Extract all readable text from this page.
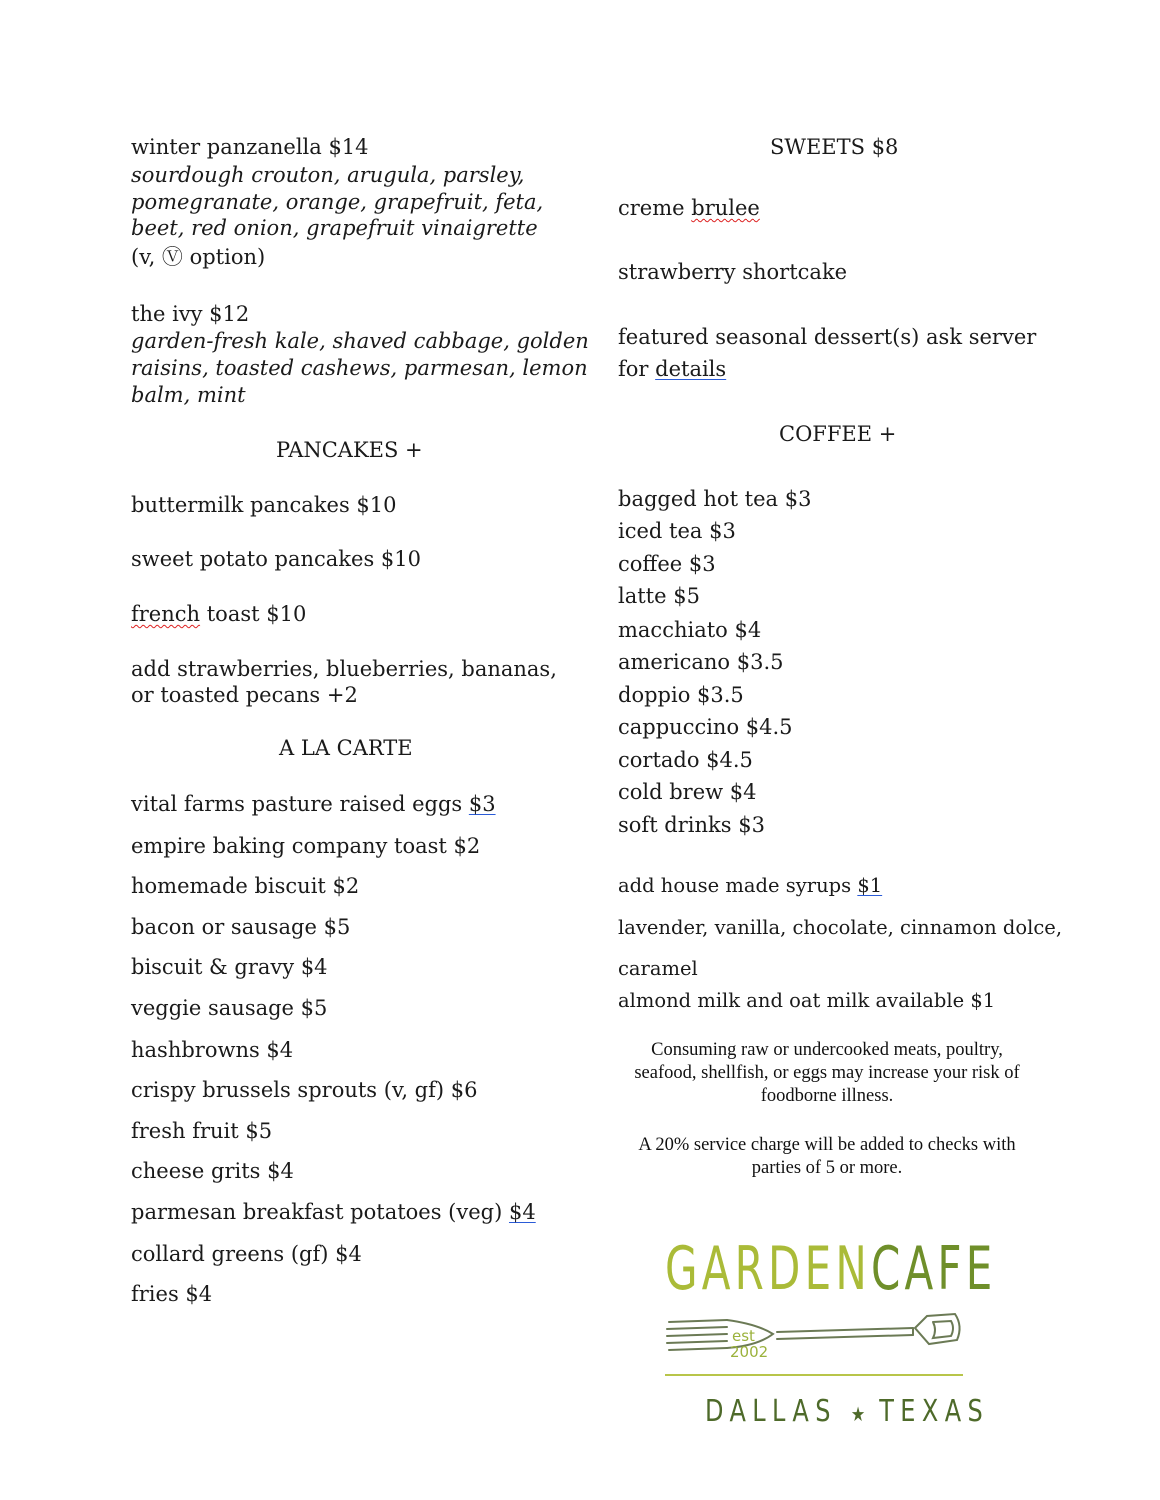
winter panzanella $14
sourdough crouton, arugula, parsley,
pomegranate, orange, grapefruit, feta,
beet, red onion, grapefruit vinaigrette
(v, Ⓥ option)
the ivy $12
garden-fresh kale, shaved cabbage, golden
raisins, toasted cashews, parmesan, lemon
balm, mint
PANCAKES +
buttermilk pancakes $10
sweet potato pancakes $10
french toast $10
add strawberries, blueberries, bananas,
or toasted pecans +2
A LA CARTE
vital farms pasture raised eggs $3
empire baking company toast $2
homemade biscuit $2
bacon or sausage $5
biscuit & gravy $4
veggie sausage $5
hashbrowns $4
crispy brussels sprouts (v, gf) $6
fresh fruit $5
cheese grits $4
parmesan breakfast potatoes (veg) $4
collard greens (gf) $4
fries $4
SWEETS $8
creme brulee
strawberry shortcake
featured seasonal dessert(s) ask server
for details
COFFEE +
bagged hot tea $3
iced tea $3
coffee $3
latte $5
macchiato $4
americano $3.5
doppio $3.5
cappuccino $4.5
cortado $4.5
cold brew $4
soft drinks $3
add house made syrups $1
lavender, vanilla, chocolate, cinnamon dolce,
caramel
almond milk and oat milk available $1
Consuming raw or undercooked meats, poultry, seafood, shellfish, or eggs may increase your risk of foodborne illness.
A 20% service charge will be added to checks with parties of 5 or more.
GARDENCAFE
est
2002
DALLAS ★ TEXAS
